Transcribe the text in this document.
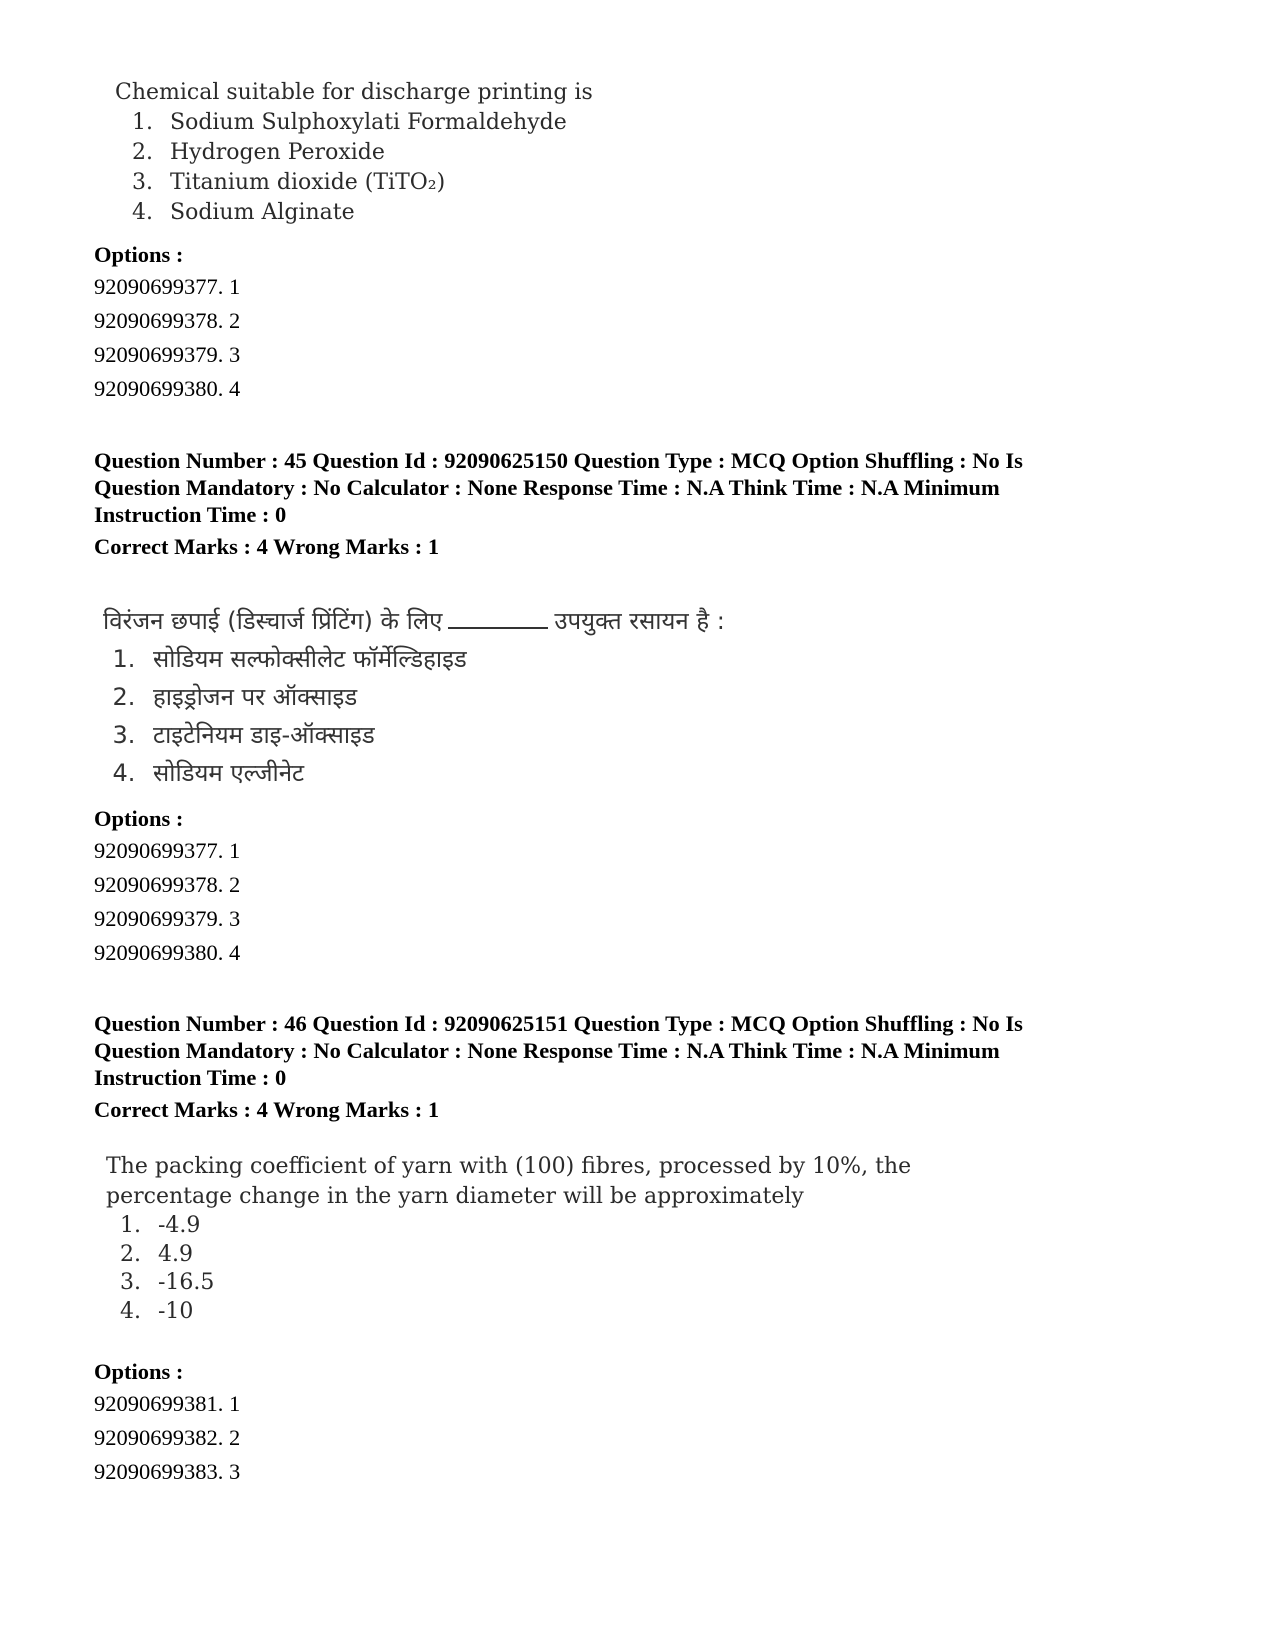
Chemical suitable for discharge printing is
1. Sodium Sulphoxylati Formaldehyde
2. Hydrogen Peroxide
3. Titanium dioxide (TiTO₂)
4. Sodium Alginate
Options :
92090699377. 1
92090699378. 2
92090699379. 3
92090699380. 4
Question Number : 45 Question Id : 92090625150 Question Type : MCQ Option Shuffling : No Is
Question Mandatory : No Calculator : None Response Time : N.A Think Time : N.A Minimum
Instruction Time : 0
Correct Marks : 4 Wrong Marks : 1
विरंजन छपाई (डिस्चार्ज प्रिंटिंग) के लिए	उपयुक्त रसायन है :
1. सोडियम सल्फोक्सीलेट फॉर्मेल्डिहाइड
2. हाइड्रोजन पर ऑक्साइड
3. टाइटेनियम डाइ-ऑक्साइड
4. सोडियम एल्जीनेट
Options :
92090699377. 1
92090699378. 2
92090699379. 3
92090699380. 4
Question Number : 46 Question Id : 92090625151 Question Type : MCQ Option Shuffling : No Is
Question Mandatory : No Calculator : None Response Time : N.A Think Time : N.A Minimum
Instruction Time : 0
Correct Marks : 4 Wrong Marks : 1
The packing coefficient of yarn with (100) fibres, processed by 10%, the
percentage change in the yarn diameter will be approximately
1. -4.9
2. 4.9
3. -16.5
4. -10
Options :
92090699381. 1
92090699382. 2
92090699383. 3
